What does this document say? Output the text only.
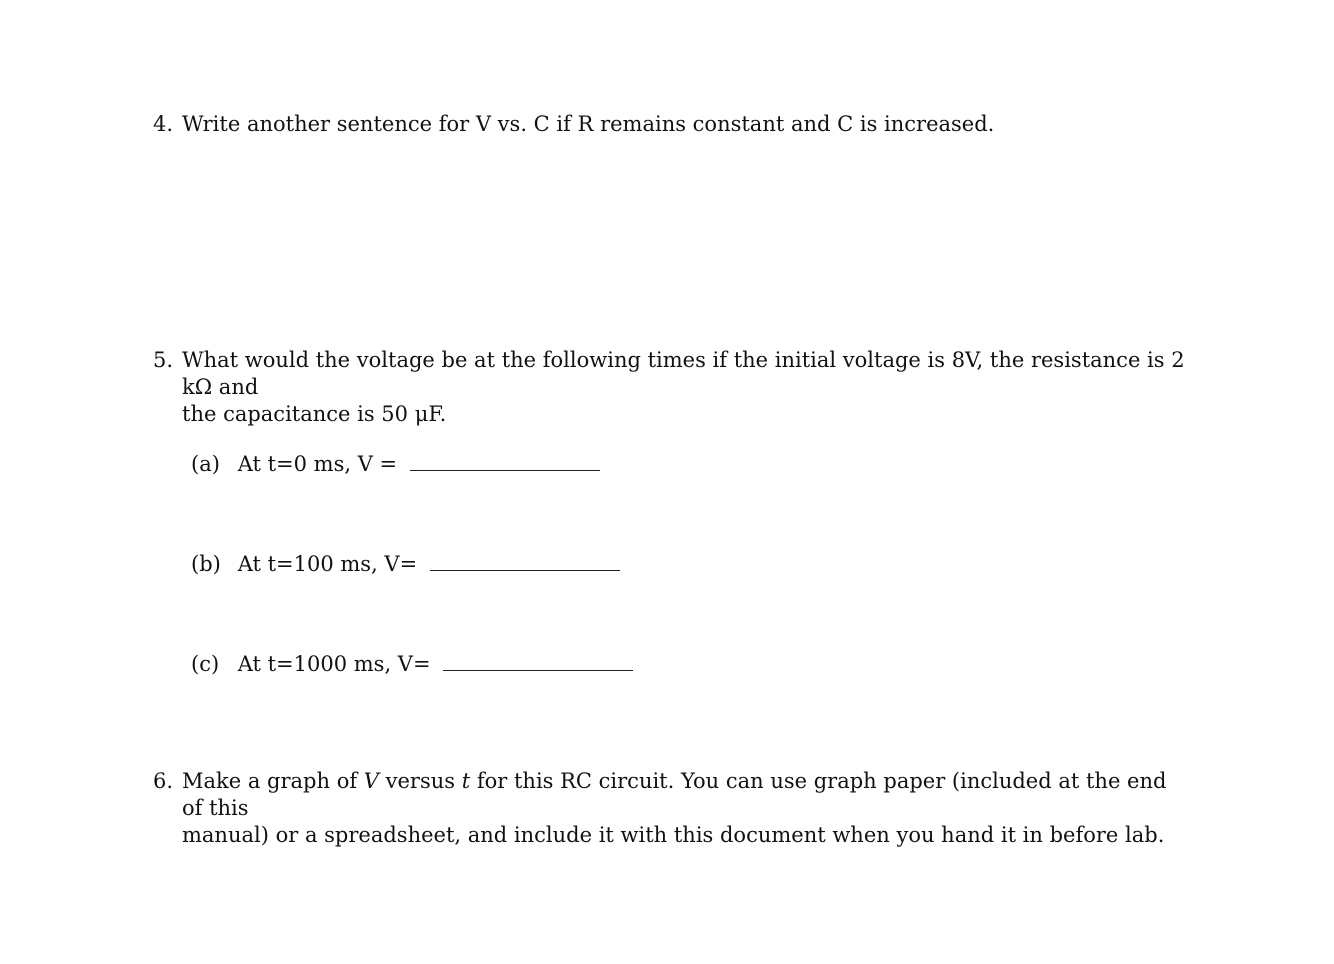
4. Write another sentence for V vs. C if R remains constant and C is increased.
5. What would the voltage be at the following times if the initial voltage is 8V, the resistance is 2 kΩ and
the capacitance is 50 μF.
(a) At t=0 ms, V =
(b) At t=100 ms, V=
(c) At t=1000 ms, V=
6. Make a graph of V versus t for this RC circuit. You can use graph paper (included at the end of this
manual) or a spreadsheet, and include it with this document when you hand it in before lab.
